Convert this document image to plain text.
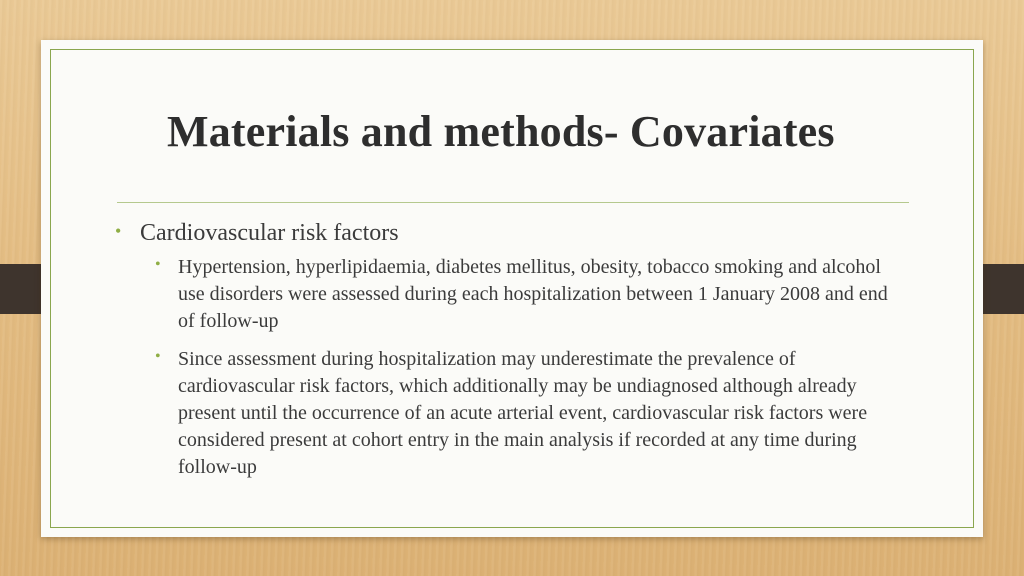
Materials and methods- Covariates
• Cardiovascular risk factors
• Hypertension, hyperlipidaemia, diabetes mellitus, obesity, tobacco smoking and alcohol use disorders were assessed during each hospitalization between 1 January 2008 and end of follow-up
• Since assessment during hospitalization may underestimate the prevalence of cardiovascular risk factors, which additionally may be undiagnosed although already present until the occurrence of an acute arterial event, cardiovascular risk factors were considered present at cohort entry in the main analysis if recorded at any time during follow-up
